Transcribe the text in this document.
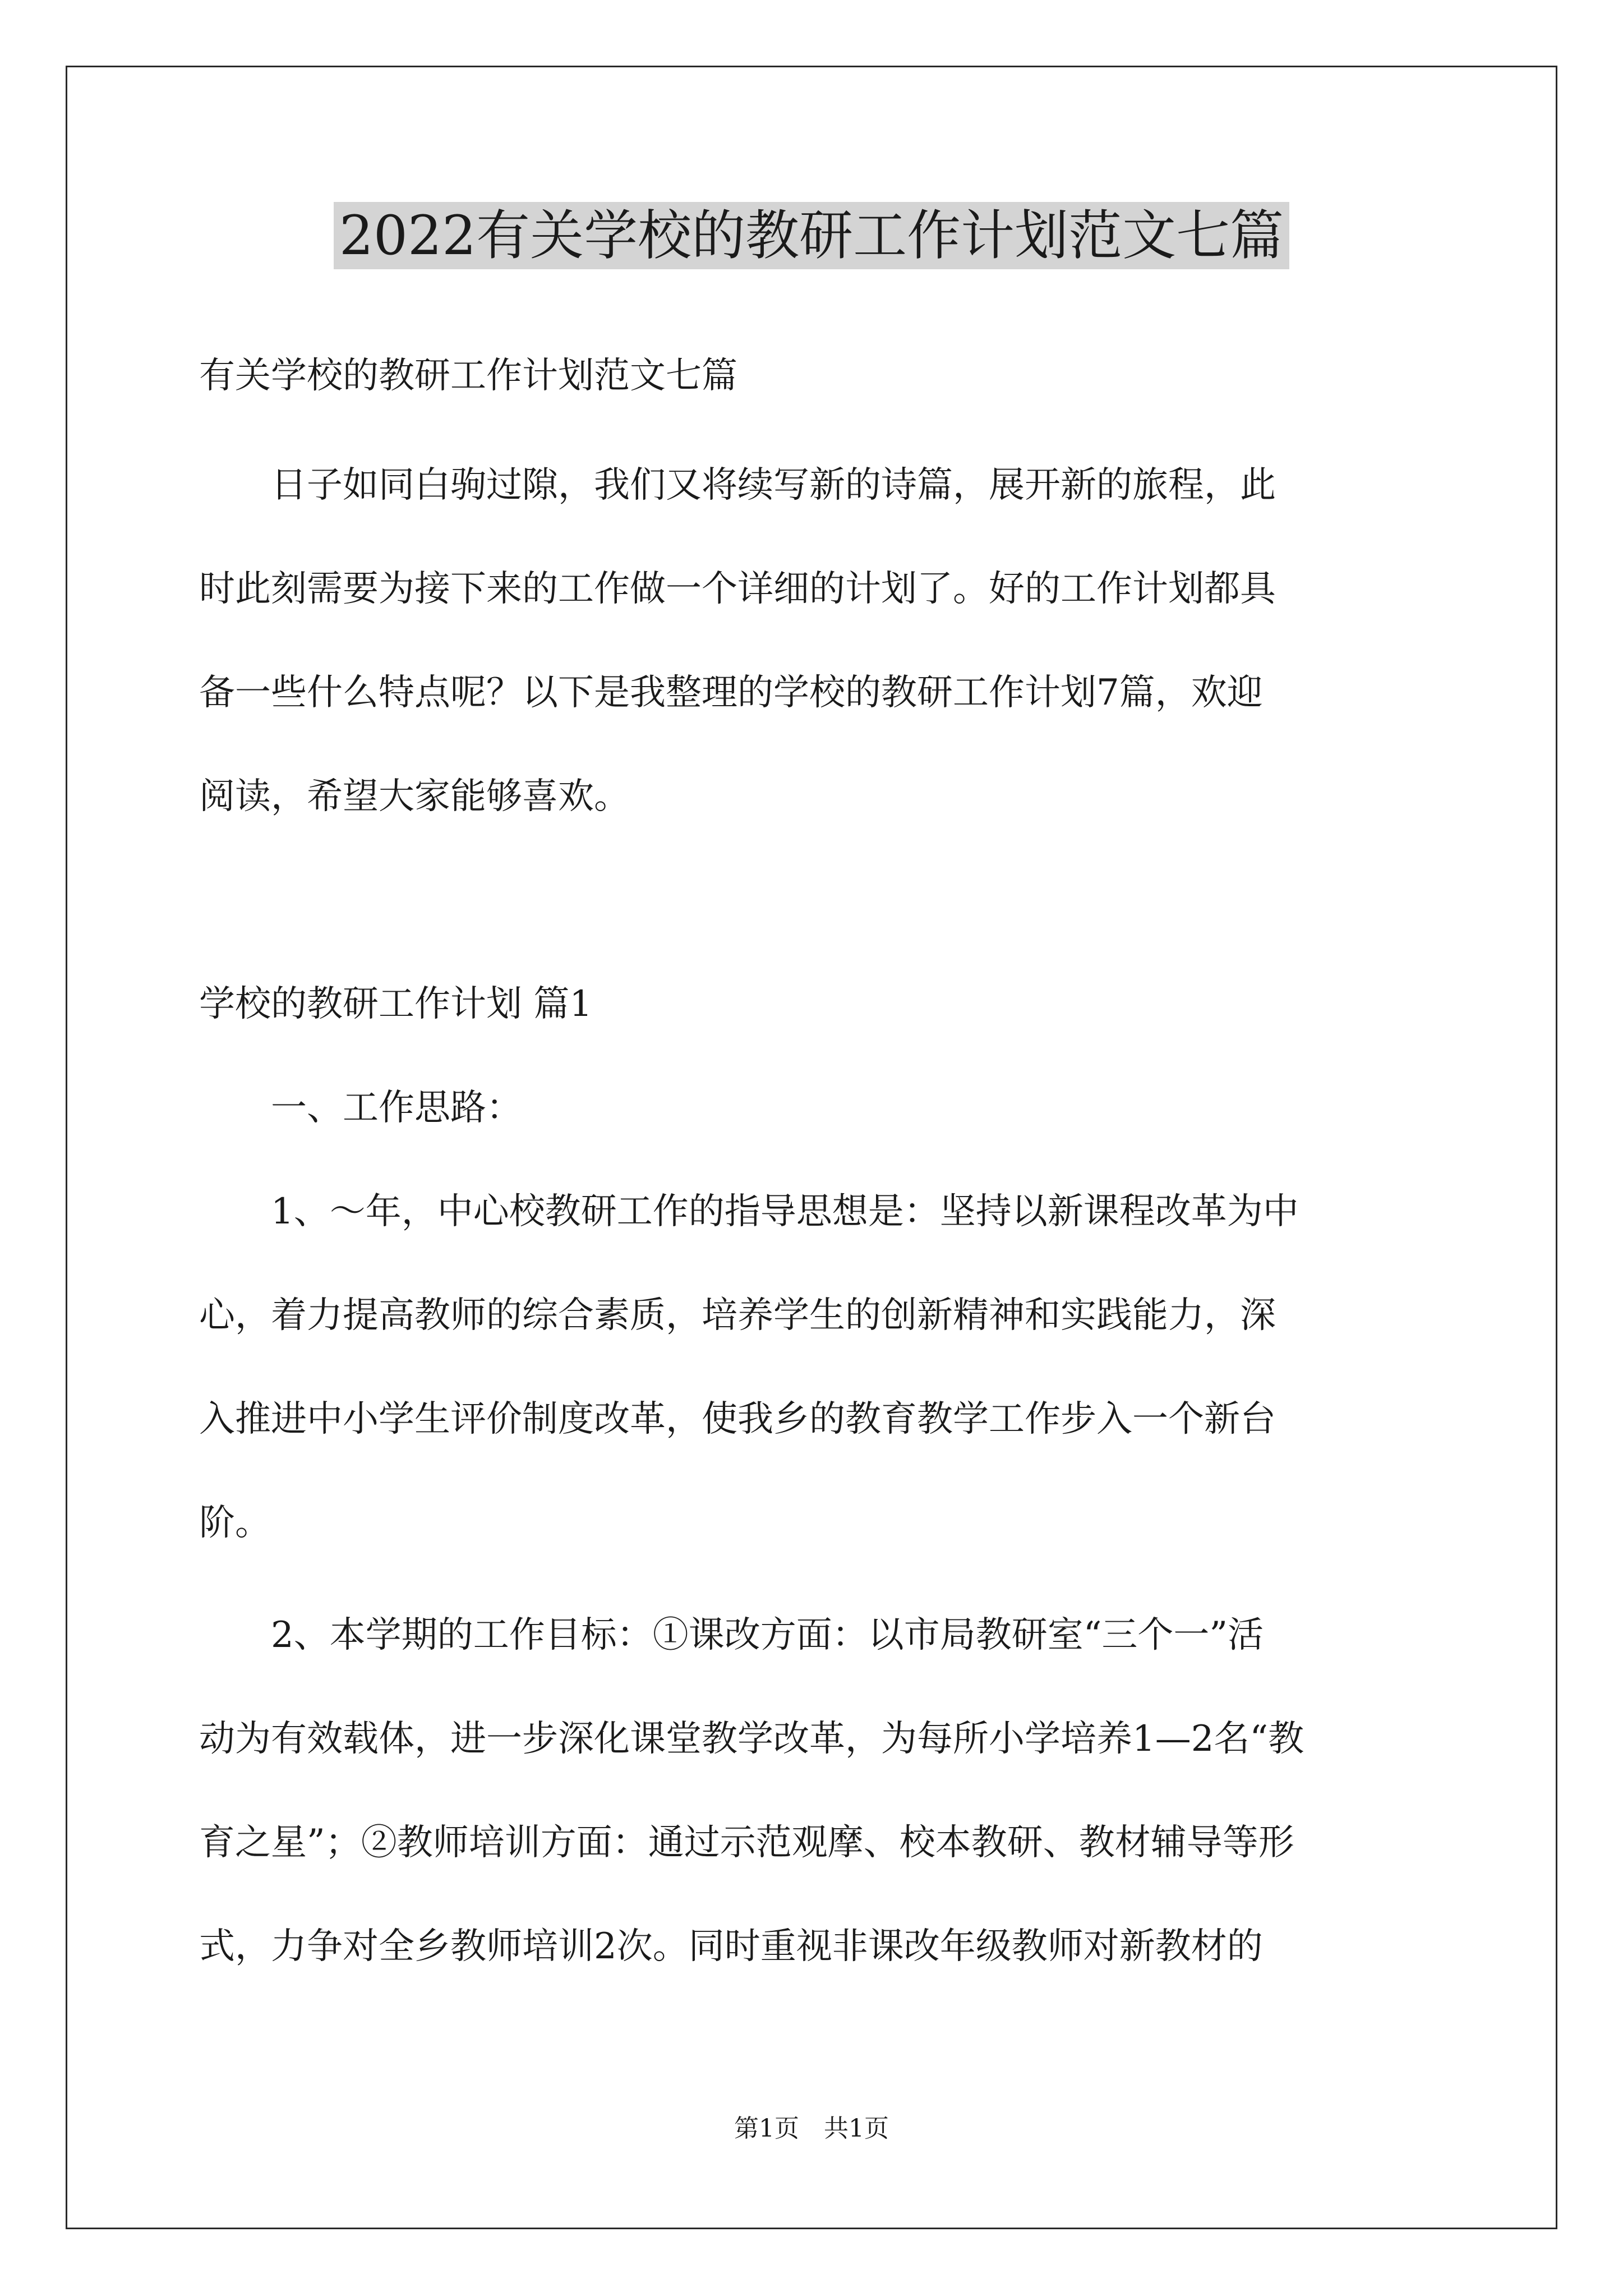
2022有关学校的教研工作计划范文七篇
有关学校的教研工作计划范文七篇
　　日子如同白驹过隙，我们又将续写新的诗篇，展开新的旅程，此
时此刻需要为接下来的工作做一个详细的计划了。好的工作计划都具
备一些什么特点呢？以下是我整理的学校的教研工作计划7篇，欢迎
阅读，希望大家能够喜欢。
学校的教研工作计划 篇1
　　一、工作思路：
　　1、～年，中心校教研工作的指导思想是：坚持以新课程改革为中
心，着力提高教师的综合素质，培养学生的创新精神和实践能力，深
入推进中小学生评价制度改革，使我乡的教育教学工作步入一个新台
阶。
　　2、本学期的工作目标：①课改方面：以市局教研室“三个一”活
动为有效载体，进一步深化课堂教学改革，为每所小学培养1—2名“教
育之星”；②教师培训方面：通过示范观摩、校本教研、教材辅导等形
式，力争对全乡教师培训2次。同时重视非课改年级教师对新教材的
第1页　共1页
